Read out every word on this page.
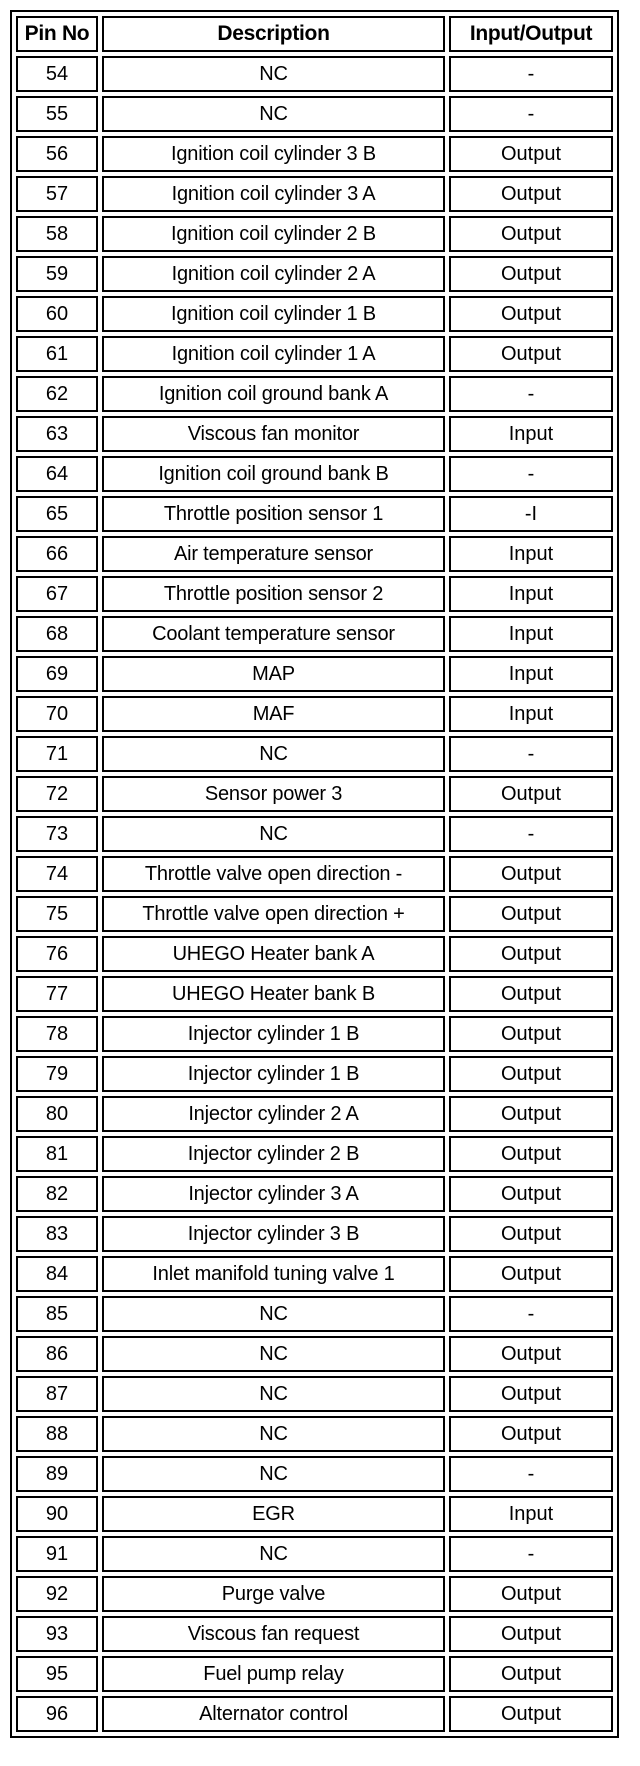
Pin No	Description	Input/Output
54	NC	-
55	NC	-
56	Ignition coil cylinder 3 B	Output
57	Ignition coil cylinder 3 A	Output
58	Ignition coil cylinder 2 B	Output
59	Ignition coil cylinder 2 A	Output
60	Ignition coil cylinder 1 B	Output
61	Ignition coil cylinder 1 A	Output
62	Ignition coil ground bank A	-
63	Viscous fan monitor	Input
64	Ignition coil ground bank B	-
65	Throttle position sensor 1	-I
66	Air temperature sensor	Input
67	Throttle position sensor 2	Input
68	Coolant temperature sensor	Input
69	MAP	Input
70	MAF	Input
71	NC	-
72	Sensor power 3	Output
73	NC	-
74	Throttle valve open direction -	Output
75	Throttle valve open direction +	Output
76	UHEGO Heater bank A	Output
77	UHEGO Heater bank B	Output
78	Injector cylinder 1 B	Output
79	Injector cylinder 1 B	Output
80	Injector cylinder 2 A	Output
81	Injector cylinder 2 B	Output
82	Injector cylinder 3 A	Output
83	Injector cylinder 3 B	Output
84	Inlet manifold tuning valve 1	Output
85	NC	-
86	NC	Output
87	NC	Output
88	NC	Output
89	NC	-
90	EGR	Input
91	NC	-
92	Purge valve	Output
93	Viscous fan request	Output
95	Fuel pump relay	Output
96	Alternator control	Output
